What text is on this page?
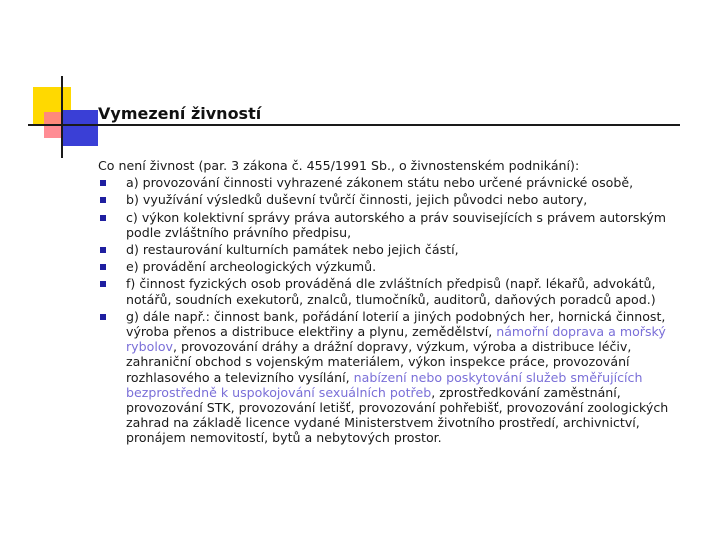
Vymezení živností

Co není živnost (par. 3 zákona č. 455/1991 Sb., o živnostenském podnikání):

a) provozování činnosti vyhrazené zákonem státu nebo určené právnické osobě,
b) využívání výsledků duševní tvůrčí činnosti, jejich původci nebo autory,
c) výkon kolektivní správy práva autorského a práv souvisejících s právem autorským podle zvláštního právního předpisu,
d) restaurování kulturních památek nebo jejich částí,
e) provádění archeologických výzkumů.
f) činnost fyzických osob prováděná dle zvláštních předpisů (např. lékařů, advokátů, notářů, soudních exekutorů, znalců, tlumočníků, auditorů, daňových poradců apod.)
g) dále např.: činnost bank, pořádání loterií a jiných podobných her, hornická činnost, výroba přenos a distribuce elektřiny a plynu, zemědělství, námořní doprava a mořský rybolov, provozování dráhy a drážní dopravy, výzkum, výroba a distribuce léčiv, zahraniční obchod s vojenským materiálem, výkon inspekce práce, provozování rozhlasového a televizního vysílání, nabízení nebo poskytování služeb směřujících bezprostředně k uspokojování sexuálních potřeb, zprostředkování zaměstnání, provozování STK, provozování letišť, provozování pohřebišť, provozování zoologických zahrad na základě licence vydané Ministerstvem životního prostředí, archivnictví, pronájem nemovitostí, bytů a nebytových prostor.
